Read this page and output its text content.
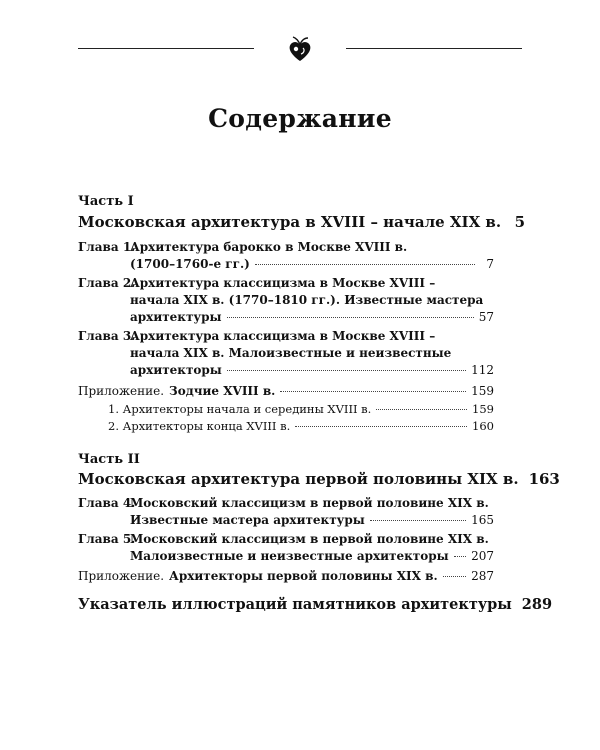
Содержание
Часть I
Московская архитектура в XVIII – начале XIX в. 5
Глава 1.
Архитектура барокко в Москве XVIII в.
(1700–1760-е гг.)	7
Глава 2.
Архитектура классицизма в Москве XVIII –
начала XIX в. (1770–1810 гг.). Известные мастера
архитектуры	57
Глава 3.
Архитектура классицизма в Москве XVIII –
начала XIX в. Малоизвестные и неизвестные
архитекторы	112
Приложение. Зодчие XVIII в.	159
1. Архитекторы начала и середины XVIII в.	159
2. Архитекторы конца XVIII в.	160
Часть II
Московская архитектура первой половины XIX в. 163
Глава 4.
Московский классицизм в первой половине XIX в.
Известные мастера архитектуры	165
Глава 5.
Московский классицизм в первой половине XIX в.
Малоизвестные и неизвестные архитекторы 207
Приложение. Архитекторы первой половины XIX в.	287
Указатель иллюстраций памятников архитектуры 289
